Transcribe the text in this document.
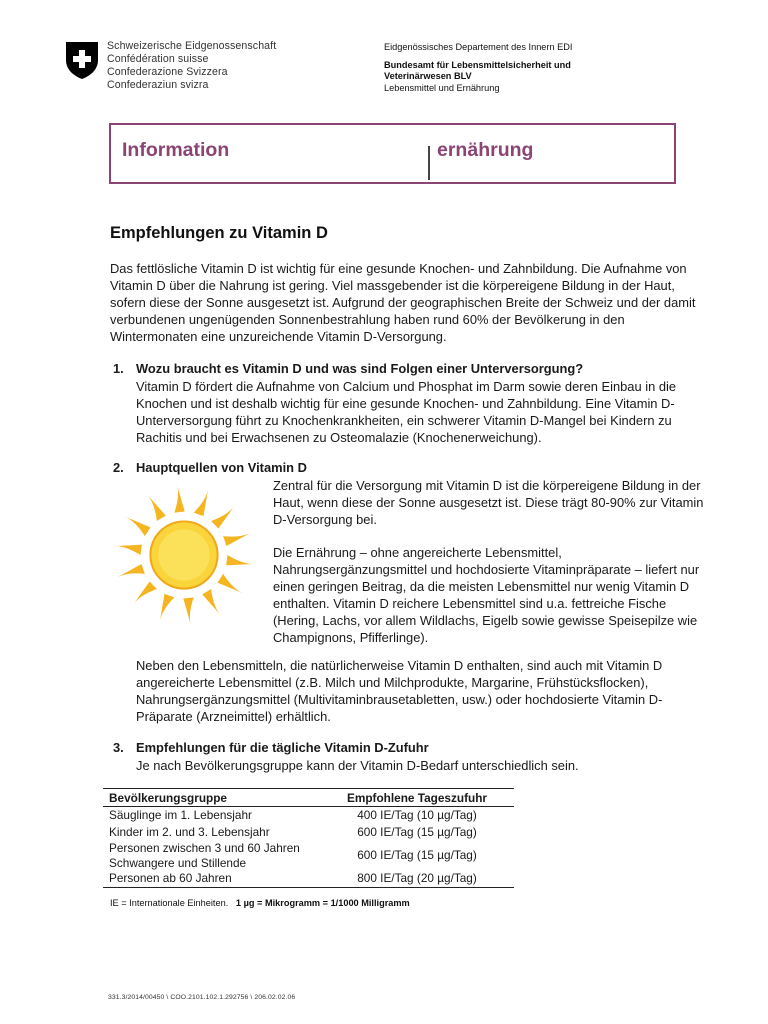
Schweizerische Eidgenossenschaft
Confédération suisse
Confederazione Svizzera
Confederaziun svizra
Eidgenössisches Departement des Innern EDI
Bundesamt für Lebensmittelsicherheit und
Veterinärwesen BLV
Lebensmittel und Ernährung
Information	ernährung
Empfehlungen zu Vitamin D
Das fettlösliche Vitamin D ist wichtig für eine gesunde Knochen- und Zahnbildung. Die Aufnahme von Vitamin D über die Nahrung ist gering. Viel massgebender ist die körpereigene Bildung in der Haut, sofern diese der Sonne ausgesetzt ist. Aufgrund der geographischen Breite der Schweiz und der damit verbundenen ungenügenden Sonnenbestrahlung haben rund 60% der Bevölkerung in den Wintermonaten eine unzureichende Vitamin D-Versorgung.
1. Wozu braucht es Vitamin D und was sind Folgen einer Unterversorgung?
Vitamin D fördert die Aufnahme von Calcium und Phosphat im Darm sowie deren Einbau in die Knochen und ist deshalb wichtig für eine gesunde Knochen- und Zahnbildung. Eine Vitamin D-Unterversorgung führt zu Knochenkrankheiten, ein schwerer Vitamin D-Mangel bei Kindern zu Rachitis und bei Erwachsenen zu Osteomalazie (Knochenerweichung).
2. Hauptquellen von Vitamin D
Zentral für die Versorgung mit Vitamin D ist die körpereigene Bildung in der Haut, wenn diese der Sonne ausgesetzt ist. Diese trägt 80-90% zur Vitamin D-Versorgung bei.
Die Ernährung – ohne angereicherte Lebensmittel, Nahrungsergänzungsmittel und hochdosierte Vitaminpräparate – liefert nur einen geringen Beitrag, da die meisten Lebensmittel nur wenig Vitamin D enthalten. Vitamin D reichere Lebensmittel sind u.a. fettreiche Fische (Hering, Lachs, vor allem Wildlachs, Eigelb sowie gewisse Speisepilze wie Champignons, Pfifferlinge).
Neben den Lebensmitteln, die natürlicherweise Vitamin D enthalten, sind auch mit Vitamin D angereicherte Lebensmittel (z.B. Milch und Milchprodukte, Margarine, Frühstücksflocken), Nahrungsergänzungsmittel (Multivitaminbrausetabletten, usw.) oder hochdosierte Vitamin D-Präparate (Arzneimittel) erhältlich.
3. Empfehlungen für die tägliche Vitamin D-Zufuhr
Je nach Bevölkerungsgruppe kann der Vitamin D-Bedarf unterschiedlich sein.
Bevölkerungsgruppe	Empfohlene Tageszufuhr
Säuglinge im 1. Lebensjahr	400 IE/Tag (10 µg/Tag)
Kinder im 2. und 3. Lebensjahr	600 IE/Tag (15 µg/Tag)

Personen zwischen 3 und 60 Jahren
Schwangere und Stillende	600 IE/Tag (15 µg/Tag)
Personen ab 60 Jahren	800 IE/Tag (20 µg/Tag)
IE = Internationale Einheiten. 1 µg = Mikrogramm = 1/1000 Milligramm
331.3/2014/00450 \ COO.2101.102.1.292756 \ 206.02.02.06
